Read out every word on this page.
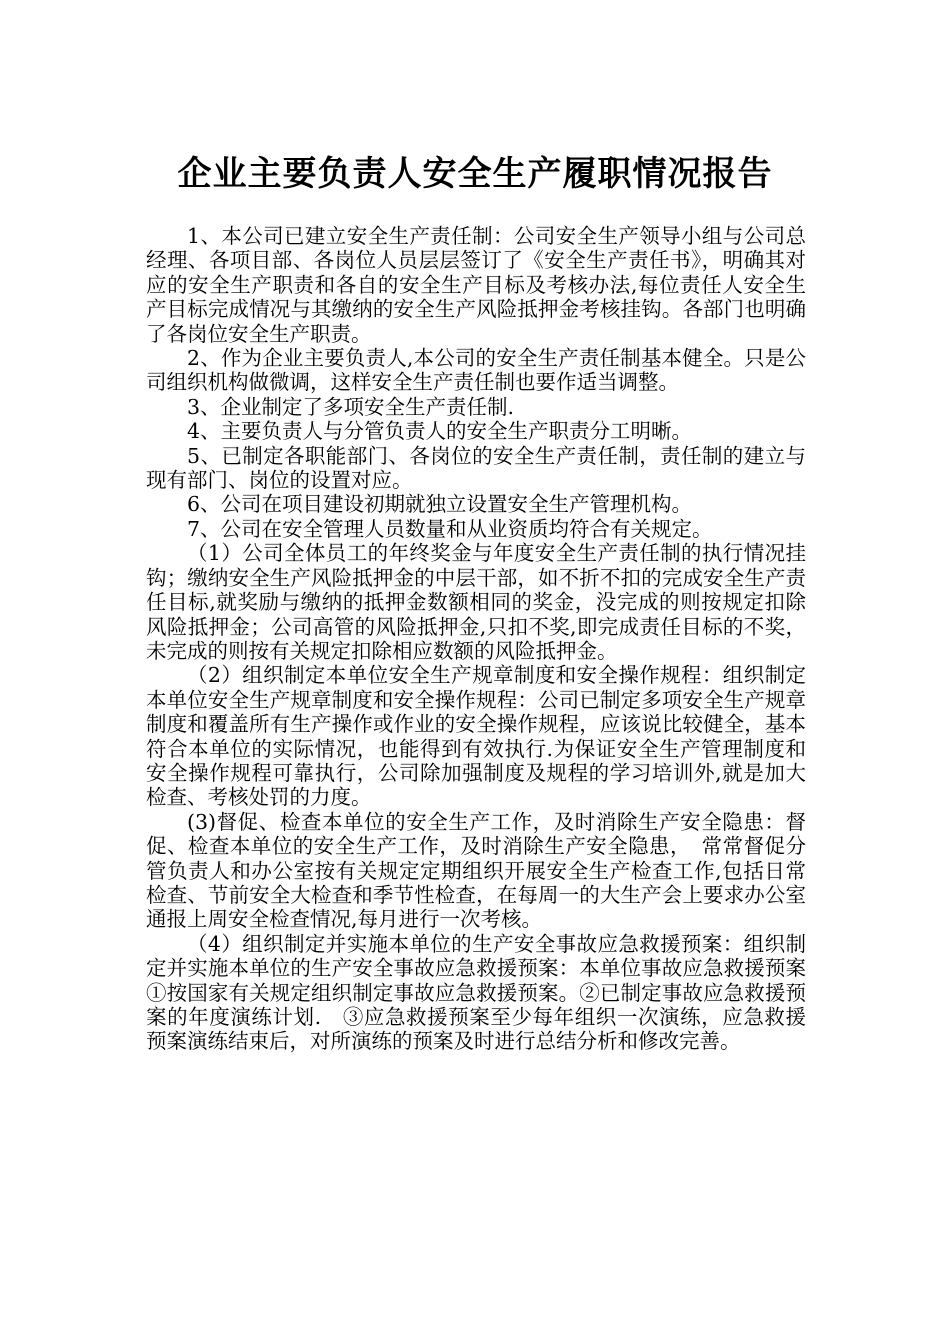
企业主要负责人安全生产履职情况报告

1、本公司已建立安全生产责任制：公司安全生产领导小组与公司总经理、各项目部、各岗位人员层层签订了《安全生产责任书》，明确其对应的安全生产职责和各自的安全生产目标及考核办法,每位责任人安全生产目标完成情况与其缴纳的安全生产风险抵押金考核挂钩。各部门也明确了各岗位安全生产职责。

2、作为企业主要负责人,本公司的安全生产责任制基本健全。只是公司组织机构做微调，这样安全生产责任制也要作适当调整。

3、企业制定了多项安全生产责任制.

4、主要负责人与分管负责人的安全生产职责分工明晰。

5、已制定各职能部门、各岗位的安全生产责任制，责任制的建立与现有部门、岗位的设置对应。

6、公司在项目建设初期就独立设置安全生产管理机构。

7、公司在安全管理人员数量和从业资质均符合有关规定。

（1）公司全体员工的年终奖金与年度安全生产责任制的执行情况挂钩；缴纳安全生产风险抵押金的中层干部，如不折不扣的完成安全生产责任目标,就奖励与缴纳的抵押金数额相同的奖金，没完成的则按规定扣除风险抵押金；公司高管的风险抵押金,只扣不奖,即完成责任目标的不奖，未完成的则按有关规定扣除相应数额的风险抵押金。

（2）组织制定本单位安全生产规章制度和安全操作规程：组织制定本单位安全生产规章制度和安全操作规程：公司已制定多项安全生产规章制度和覆盖所有生产操作或作业的安全操作规程，应该说比较健全，基本符合本单位的实际情况，也能得到有效执行.为保证安全生产管理制度和安全操作规程可靠执行，公司除加强制度及规程的学习培训外,就是加大检查、考核处罚的力度。

(3)督促、检查本单位的安全生产工作，及时消除生产安全隐患：督促、检查本单位的安全生产工作，及时消除生产安全隐患，　常常督促分管负责人和办公室按有关规定定期组织开展安全生产检查工作,包括日常检查、节前安全大检查和季节性检查，在每周一的大生产会上要求办公室通报上周安全检查情况,每月进行一次考核。

（4）组织制定并实施本单位的生产安全事故应急救援预案：组织制定并实施本单位的生产安全事故应急救援预案：本单位事故应急救援预案　①按国家有关规定组织制定事故应急救援预案。②已制定事故应急救援预案的年度演练计划.　③应急救援预案至少每年组织一次演练，应急救援预案演练结束后，对所演练的预案及时进行总结分析和修改完善。
